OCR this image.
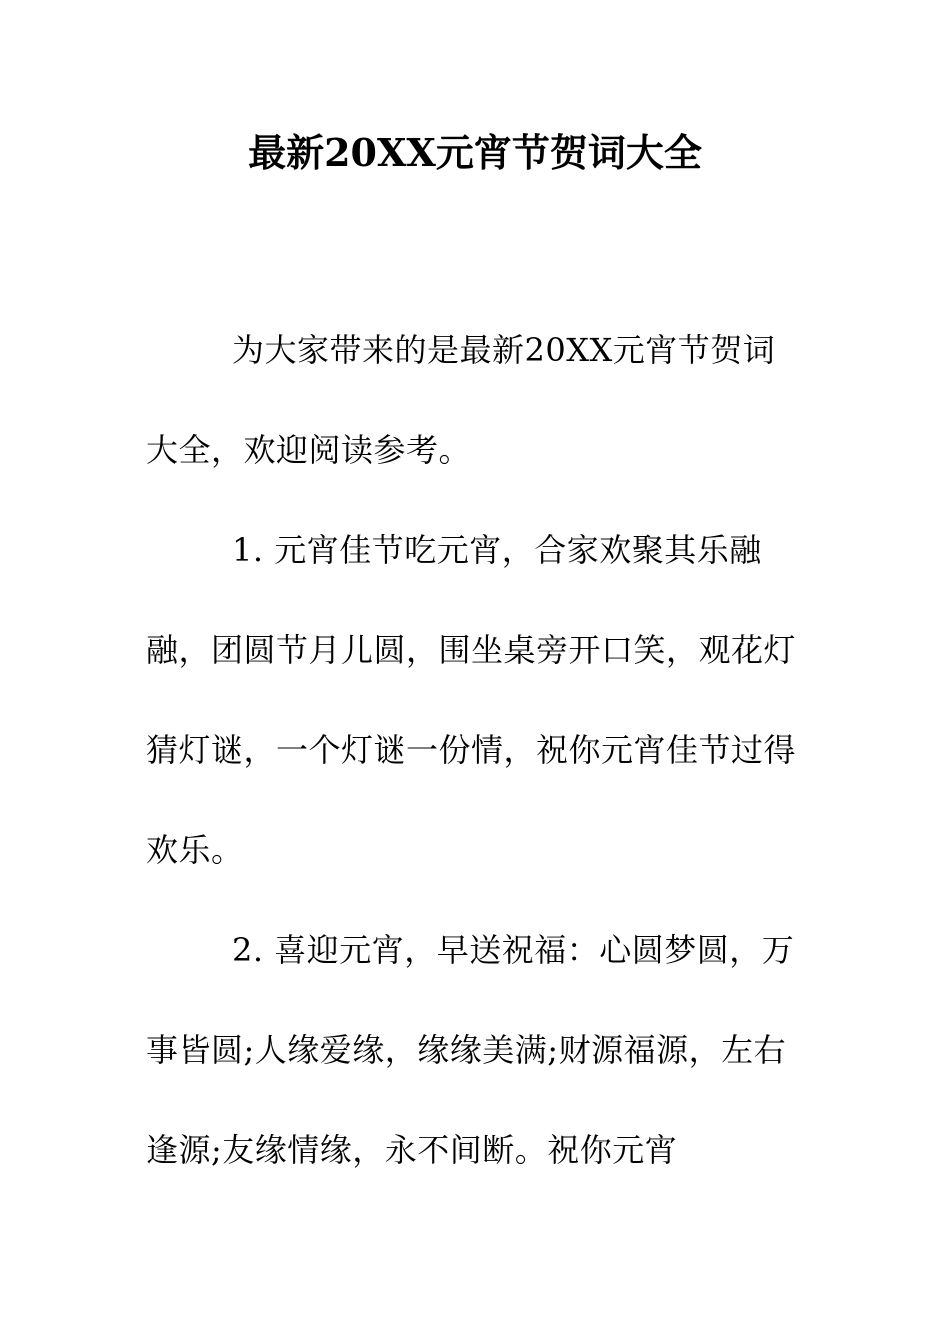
最新20XX元宵节贺词大全

为大家带来的是最新20XX元宵节贺词大全，欢迎阅读参考。

1. 元宵佳节吃元宵，合家欢聚其乐融融，团圆节月儿圆，围坐桌旁开口笑，观花灯猜灯谜，一个灯谜一份情，祝你元宵佳节过得欢乐。

2. 喜迎元宵，早送祝福：心圆梦圆，万事皆圆;人缘爱缘，缘缘美满;财源福源，左右逢源;友缘情缘，永不间断。祝你元宵
